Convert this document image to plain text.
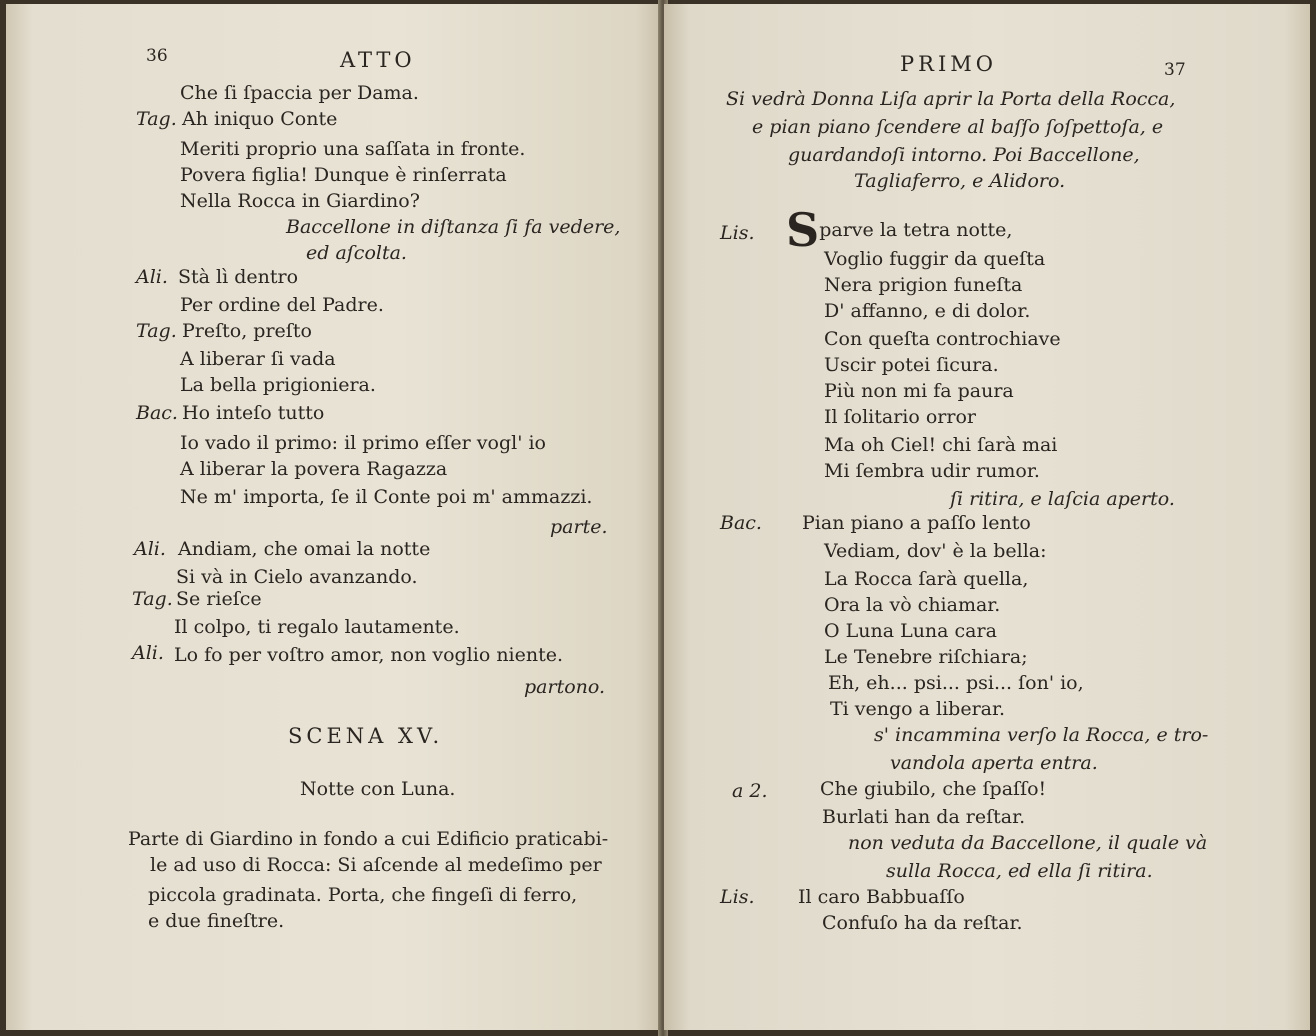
36	ATTO
Che ſi ſpaccia per Dama.
Tag. Ah iniquo Conte
Meriti proprio una saſſata in fronte.
Povera figlia! Dunque è rinſerrata
Nella Rocca in Giardino?
Baccellone in diſtanza ſi fa vedere,
ed aſcolta.
Ali. Stà lì dentro
Per ordine del Padre.
Tag. Preſto, preſto
A liberar ſi vada
La bella prigioniera.
Bac. Ho inteſo tutto
Io vado il primo: il primo eſſer vogl' io
A liberar la povera Ragazza
Ne m' importa, ſe il Conte poi m' ammazzi.
parte.
Ali. Andiam, che omai la notte
Si và in Cielo avanzando.
Tag. Se rieſce
Il colpo, ti regalo lautamente.
Ali. Lo fo per voſtro amor, non voglio niente.
partono.
SCENA XV.
Notte con Luna.
Parte di Giardino in fondo a cui Edificio praticabi-
le ad uso di Rocca: Si aſcende al medeſimo per
piccola gradinata. Porta, che fingeſi di ferro,
e due fineſtre.
PRIMO	37
Si vedrà Donna Liſa aprir la Porta della Rocca,
e pian piano ſcendere al baſſo ſoſpettoſa, e
guardandoſi intorno. Poi Baccellone,
Tagliaferro, e Alidoro.
Lis. Sparve la tetra notte,
Voglio fuggir da queſta
Nera prigion funeſta
D' affanno, e di dolor.
Con queſta controchiave
Uscir potei ſicura.
Più non mi fa paura
Il ſolitario orror
Ma oh Ciel! chi ſarà mai
Mi ſembra udir rumor.
ſi ritira, e laſcia aperto.
Bac. Pian piano a paſſo lento
Vediam, dov' è la bella:
La Rocca ſarà quella,
Ora la vò chiamar.
O Luna Luna cara
Le Tenebre riſchiara;
Eh, eh... psi... psi... ſon' io,
Ti vengo a liberar.
s' incammina verſo la Rocca, e tro-
vandola aperta entra.
a 2.	Che giubilo, che ſpaſſo!
Burlati han da reſtar.
non veduta da Baccellone, il quale và
sulla Rocca, ed ella ſi ritira.
Lis. Il caro Babbuaſſo
Confuſo ha da reſtar.
